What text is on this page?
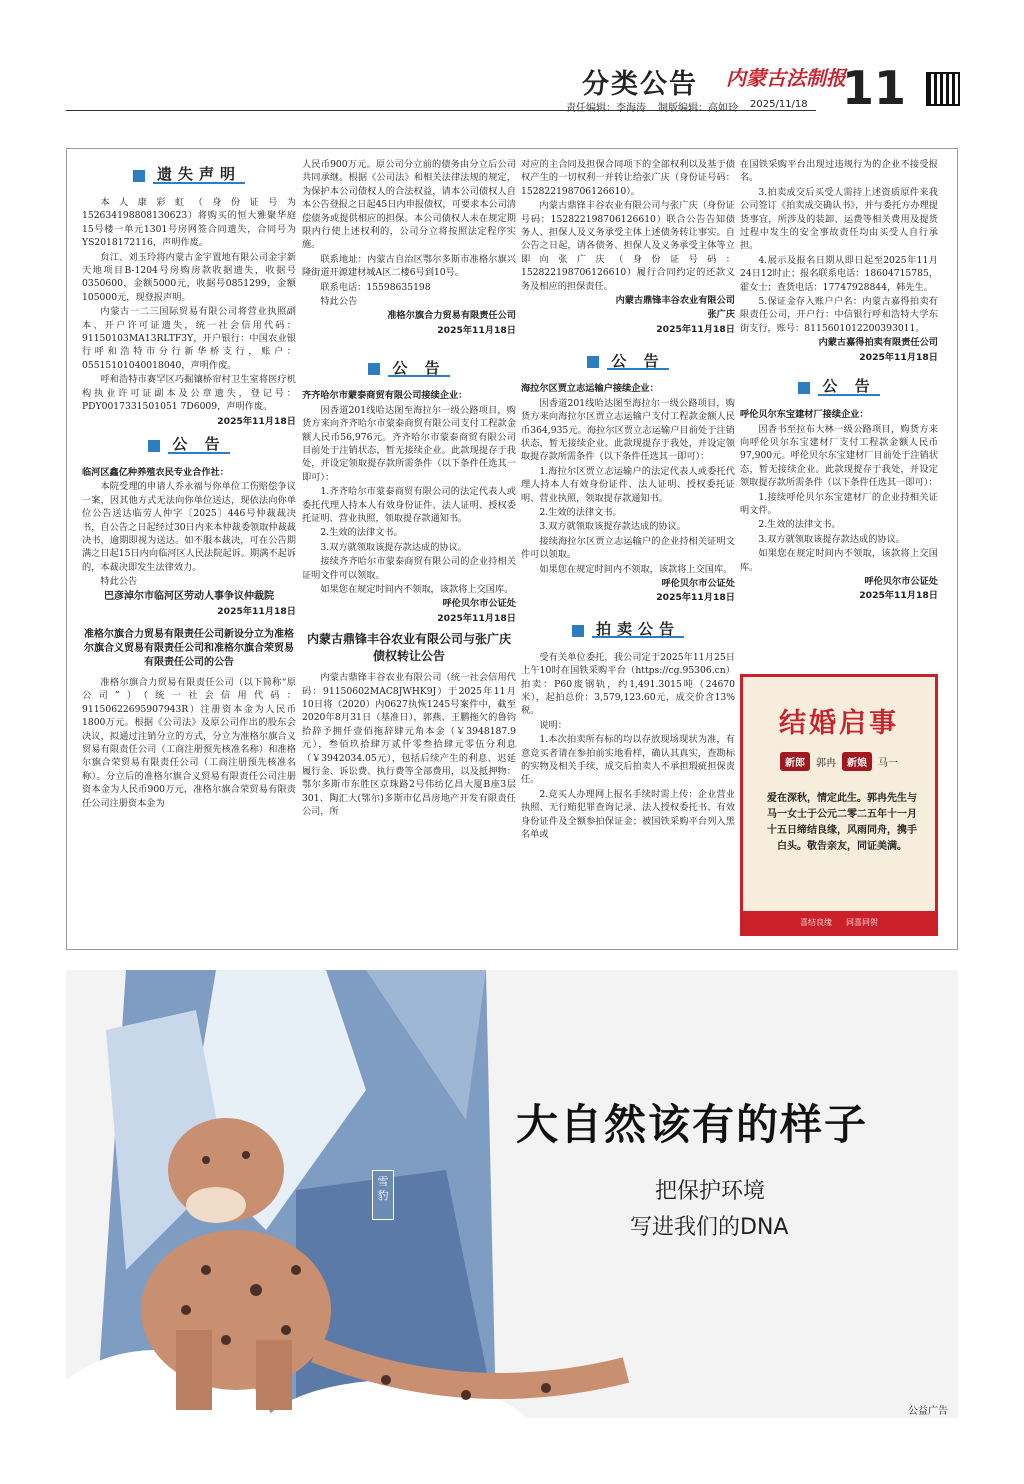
分类公告 内蒙古法制报
11
责任编辑：李海涛 制版编辑：高如玲 2025/11/18
遗失声明

本人康彩虹（身份证号为152634198808130623）将购买的恒大雅聚华庭15号楼一单元1301号房网签合同遗失，合同号为YS2018172116，声明作废。

贠江、刘玉玲将内蒙古金宇置地有限公司金宇新天地项目B-1204号房购房款收据遗失，收据号0350600，金额5000元，收据号0851299，金额105000元，现登报声明。

内蒙古一二三国际贸易有限公司将营业执照副本、开户许可证遗失，统一社会信用代码：91150103MA13RLTF3Y，开户银行：中国农业银行呼和浩特市分行新华桥支行，账户：05515101040018040，声明作废。

呼和浩特市赛罕区巧掘镶桥帘村卫生室将医疗机构执业许可证副本及公章遗失，登记号：PDY0017331501051 7D6009，声明作废。

2025年11月18日

公 告

临河区鑫亿种养殖农民专业合作社：

本院受理的申请人乔永福与你单位工伤赔偿争议一案，因其他方式无法向你单位送达，现依法向你单位公告送达临劳人仲字〔2025〕446号仲裁裁决书，自公告之日起经过30日内来本仲裁委领取仲裁裁决书，逾期即视为送达。如不服本裁决，可在公告期满之日起15日内向临河区人民法院起诉。期满不起诉的，本裁决即发生法律效力。

特此公告

巴彦淖尔市临河区劳动人事争议仲裁院

2025年11月18日

准格尔旗合力贸易有限责任公司新设分立为准格尔旗合义贸易有限责任公司和准格尔旗合荣贸易有限责任公司的公告

准格尔旗合力贸易有限责任公司（以下简称“原公司”）（统一社会信用代码：91150622695907943R）注册资本金为人民币1800万元。根据《公司法》及原公司作出的股东会决议，拟通过注销分立的方式，分立为准格尔旗合义贸易有限责任公司（工商注册预先核准名称）和准格尔旗合荣贸易有限责任公司（工商注册预先核准名称）。分立后的准格尔旗合义贸易有限责任公司注册资本金为人民币900万元，准格尔旗合荣贸易有限责任公司注册资本金为

人民币900万元。原公司分立前的债务由分立后公司共同承继。根据《公司法》和相关法律法规的规定，为保护本公司债权人的合法权益，请本公司债权人自本公告登报之日起45日内申报债权，可要求本公司清偿债务或提供相应的担保。本公司债权人未在规定期限内行使上述权利的，公司分立将按照法定程序实施。

联系地址：内蒙古自治区鄂尔多斯市准格尔旗兴隆街道开源建材城A区二楼6号到10号。

联系电话：15598635198

特此公告

准格尔旗合力贸易有限责任公司

2025年11月18日

公 告

齐齐哈尔市蒙泰商贸有限公司接续企业：

因香道201线哈达图至海拉尔一级公路项目，购货方来向齐齐哈尔市蒙泰商贸有限公司支付工程款金额人民币56,976元。齐齐哈尔市蒙泰商贸有限公司目前处于注销状态，暂无接续企业。此款现提存于我处，并设定领取提存款所需条件（以下条件任选其一即可）：

1.齐齐哈尔市蒙泰商贸有限公司的法定代表人或委托代理人持本人有效身份证件、法人证明、授权委托证明、营业执照，领取提存款通知书。

2.生效的法律文书。

3.双方就领取该提存款达成的协议。

接续齐齐哈尔市蒙泰商贸有限公司的企业持相关证明文件可以领取。

如果您在规定时间内不领取，该款将上交国库。

呼伦贝尔市公证处

2025年11月18日

内蒙古鼎锋丰谷农业有限公司与张广庆债权转让公告

内蒙古鼎锋丰谷农业有限公司（统一社会信用代码：91150602MAC8JWHK9J）于2025年11月10日将（2020）内0627执恢1245号案件中，截至2020年8月31日（基准日），郭燕、王鹏拖欠的鲁钧拾辞予拥仟壹佰拖辞肆元角本金（￥3948187.9元），叁佰玖拾肆万贰仟零叁拾肆元零伍分利息（￥3942034.05元），包括后续产生的利息、迟延履行金、诉讼费、执行费等全部费用，以及抵押物：鄂尔多斯市东胜区京珠路2号伟纺亿昌大厦B座3层301、陶汇大(鄂尔)多斯市亿昌房地产开发有限责任公司，所

对应的主合同及担保合同项下的全部权利以及基于债权产生的一切权利一并转让给张广庆（身份证号码：152822198706126610）。

内蒙古鼎锋丰谷农业有限公司与张广庆（身份证号码：152822198706126610）联合公告告知债务人、担保人及义务承受主体上述债务转让事实。自公告之日起，请各债务、担保人及义务承受主体等立即向张广庆（身份证号码：152822198706126610）履行合同约定的还款义务及相应的担保责任。

内蒙古鼎锋丰谷农业有限公司

张广庆

2025年11月18日

公 告

海拉尔区贾立志运输户接续企业：

因香道201线哈达图至海拉尔一级公路项目，购货方来向海拉尔区贾立志运输户支付工程款金额人民币364,935元。海拉尔区贾立志运输户目前处于注销状态，暂无接续企业。此款现提存于我处，并设定领取提存款所需条件（以下条件任选其一即可）：

1.海拉尔区贾立志运输户的法定代表人或委托代理人持本人有效身份证件、法人证明、授权委托证明、营业执照，领取提存款通知书。

2.生效的法律文书。

3.双方就领取该提存款达成的协议。

接续海拉尔区贾立志运输户的企业持相关证明文件可以领取。

如果您在规定时间内不领取，该款将上交国库。

呼伦贝尔市公证处

2025年11月18日

拍卖公告

受有关单位委托，我公司定于2025年11月25日上午10时在国铁采购平台（https://cg.95306.cn）拍卖：P60废钢轨，约1,491.3015吨（24670米），起拍总价：3,579,123.60元，成交价含13%税。

说明：

1.本次拍卖所有标的均以存放现场现状为准，有意竞买者请在参拍前实地看样，确认其真实，查勘标的实物及相关手续，成交后拍卖人不承担瑕疵担保责任。

2.竞买人办理网上报名手续时需上传：企业营业执照、无行贿犯罪查询记录、法人授权委托书、有效身份证件及全额参拍保证金；被国铁采购平台列入黑名单或

在国铁采购平台出现过违规行为的企业不接受报名。

3.拍卖成交后买受人需持上述资质原件来我公司签订《拍卖成交确认书》，并与委托方办理提货事宜，所涉及的装卸、运费等相关费用及提货过程中发生的安全事故责任均由买受人自行承担。

4.展示及报名日期从即日起至2025年11月24日12时止；报名联系电话：18604715785，霍女士；查货电话：17747928844，韩先生。

5.保证金存入账户户名：内蒙古嘉得拍卖有限责任公司，开户行：中信银行呼和浩特大学东街支行，账号：8115601012200393011。

内蒙古嘉得拍卖有限责任公司

2025年11月18日

公 告

呼伦贝尔东宝建材厂接续企业：

因香书至拉布大林一级公路项目，购货方来向呼伦贝尔东宝建材厂支付工程款金额人民币97,900元。呼伦贝尔东宝建材厂目前处于注销状态，暂无接续企业。此款现提存于我处，并设定领取提存款所需条件（以下条件任选其一即可）：

1.接续呼伦贝尔东宝建材厂的企业持相关证明文件。

2.生效的法律文书。

3.双方就领取该提存款达成的协议。

如果您在规定时间内不领取，该款将上交国库。

呼伦贝尔市公证处

2025年11月18日

结婚启事
新郎	郭冉	新娘	马一
爱在深秋，情定此生。郭冉先生与马一女士于公元二零二五年十一月十五日缔结良缘，风雨同舟，携手白头。敬告亲友，同证美满。
喜结良缘 同喜同贺
雪豹
大自然该有的样子
把保护环境
写进我们的DNA
公益广告
